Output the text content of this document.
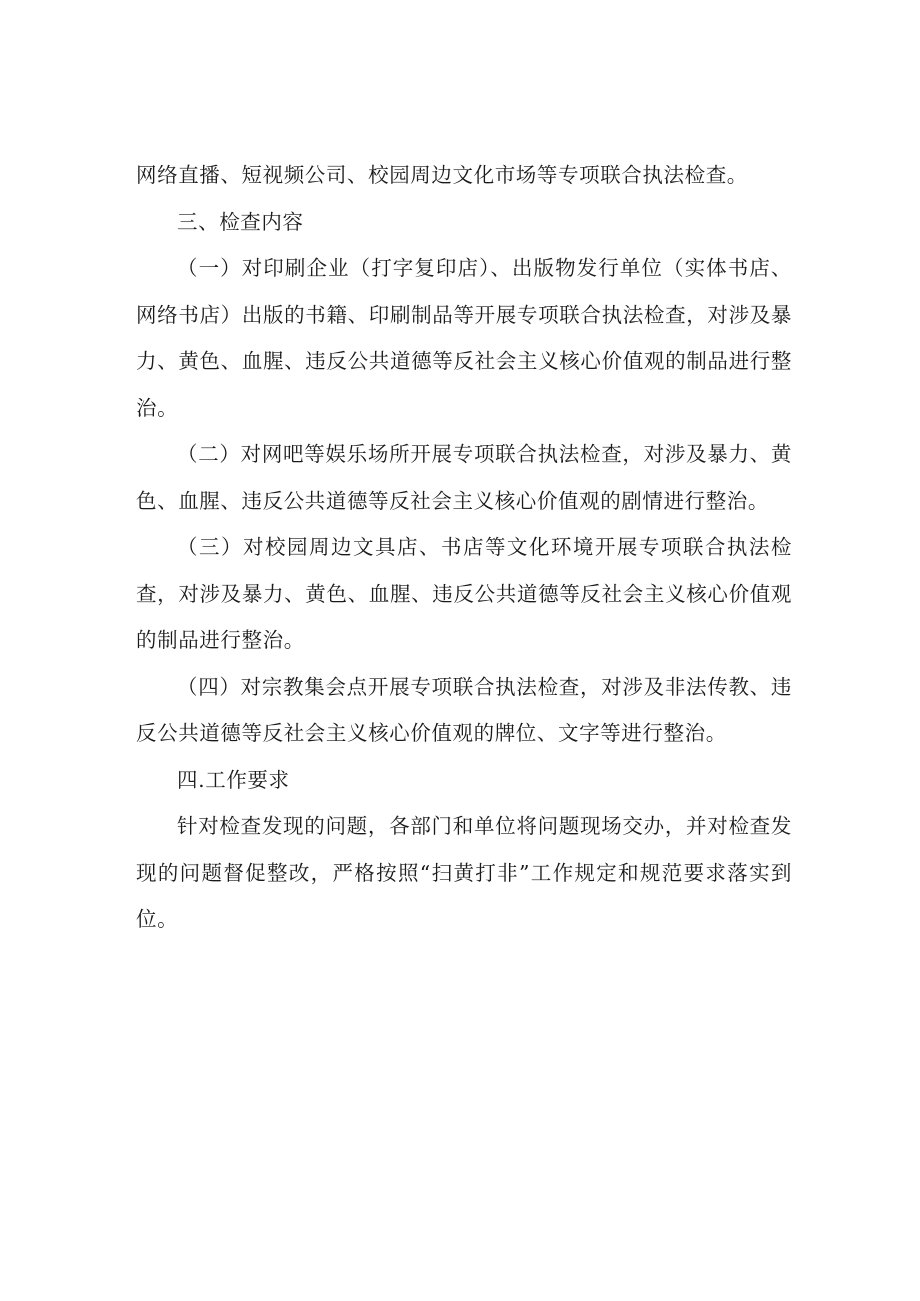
网络直播、短视频公司、校园周边文化市场等专项联合执法检查。

三、检查内容

（一）对印刷企业（打字复印店）、出版物发行单位（实体书店、网络书店）出版的书籍、印刷制品等开展专项联合执法检查，对涉及暴力、黄色、血腥、违反公共道德等反社会主义核心价值观的制品进行整治。

（二）对网吧等娱乐场所开展专项联合执法检查，对涉及暴力、黄色、血腥、违反公共道德等反社会主义核心价值观的剧情进行整治。

（三）对校园周边文具店、书店等文化环境开展专项联合执法检查，对涉及暴力、黄色、血腥、违反公共道德等反社会主义核心价值观的制品进行整治。

（四）对宗教集会点开展专项联合执法检查，对涉及非法传教、违反公共道德等反社会主义核心价值观的牌位、文字等进行整治。

四.工作要求

针对检查发现的问题，各部门和单位将问题现场交办，并对检查发现的问题督促整改，严格按照“扫黄打非”工作规定和规范要求落实到位。
